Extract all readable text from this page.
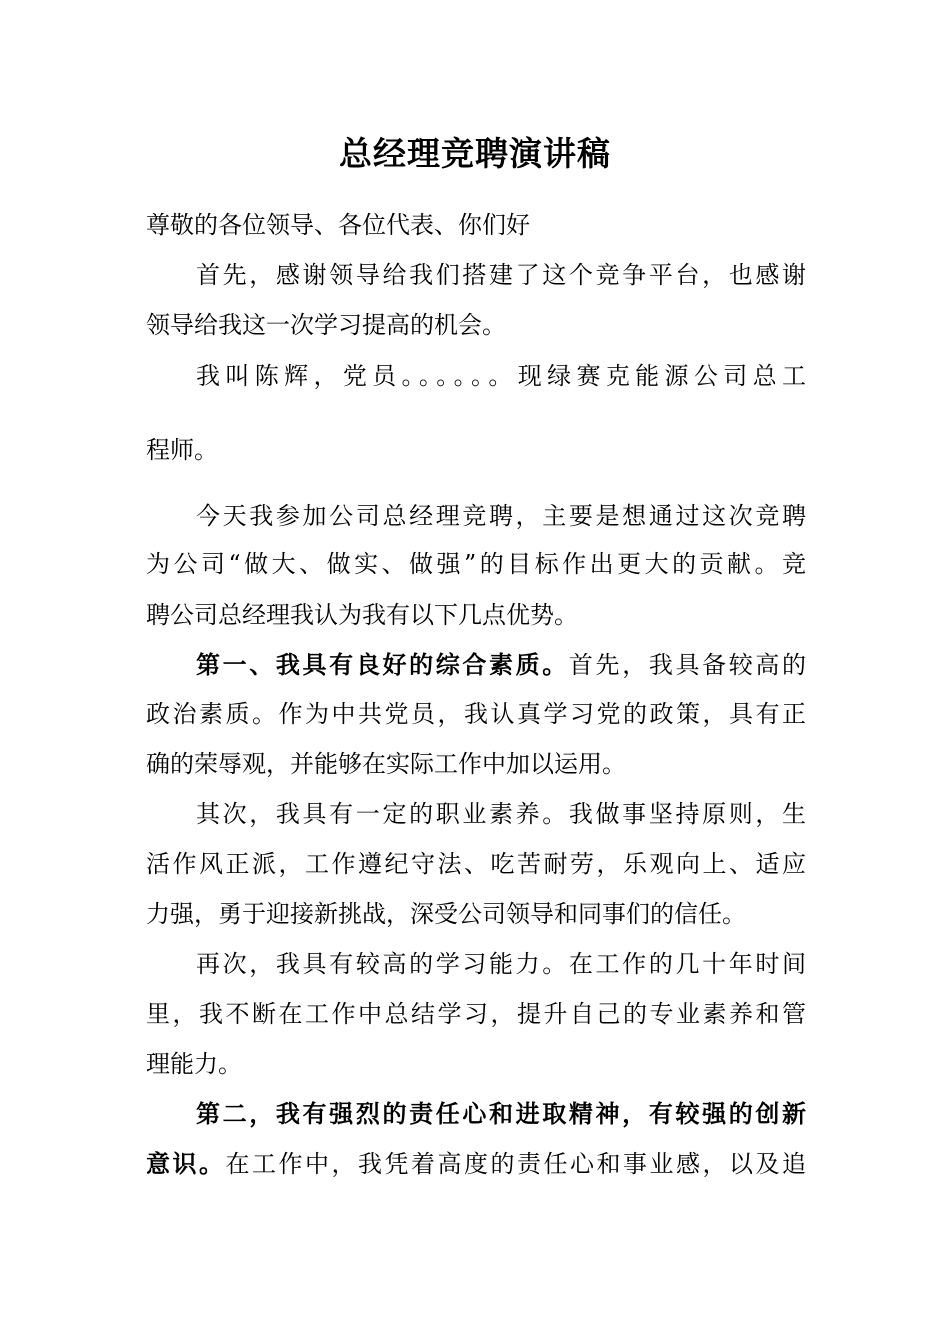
总经理竞聘演讲稿

尊敬的各位领导、各位代表、你们好

首先，感谢领导给我们搭建了这个竞争平台，也感谢

领导给我这一次学习提高的机会。

我叫陈辉，党员。。。。。。现绿赛克能源公司总工

程师。

今天我参加公司总经理竞聘，主要是想通过这次竞聘

为公司“做大、做实、做强”的目标作出更大的贡献。竞

聘公司总经理我认为我有以下几点优势。

第一、我具有良好的综合素质。首先，我具备较高的

政治素质。作为中共党员，我认真学习党的政策，具有正

确的荣辱观，并能够在实际工作中加以运用。

其次，我具有一定的职业素养。我做事坚持原则，生

活作风正派，工作遵纪守法、吃苦耐劳，乐观向上、适应

力强，勇于迎接新挑战，深受公司领导和同事们的信任。

再次，我具有较高的学习能力。在工作的几十年时间

里，我不断在工作中总结学习，提升自己的专业素养和管

理能力。

第二，我有强烈的责任心和进取精神，有较强的创新

意识。在工作中，我凭着高度的责任心和事业感，以及追
